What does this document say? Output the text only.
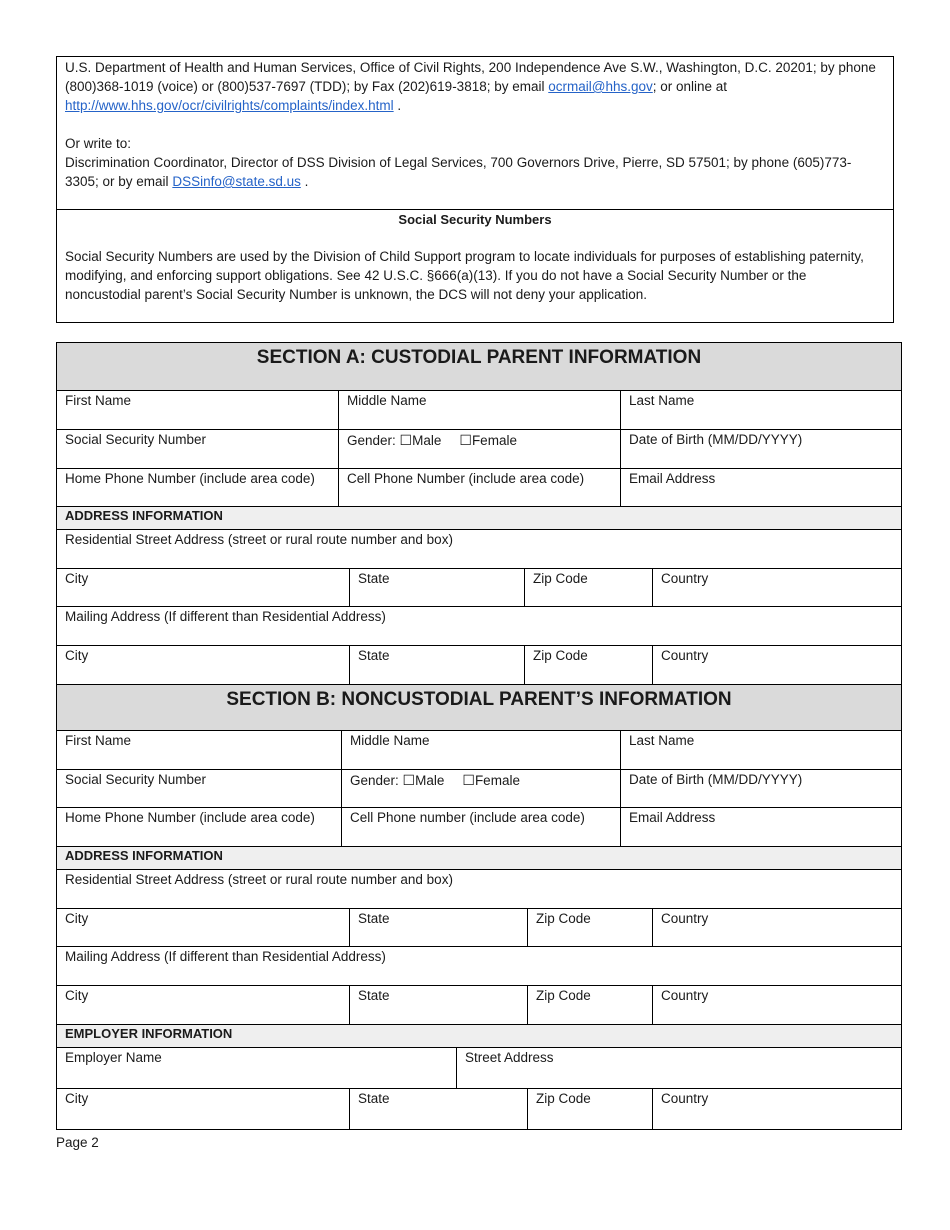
U.S. Department of Health and Human Services, Office of Civil Rights, 200 Independence Ave S.W., Washington, D.C. 20201; by phone (800)368-1019 (voice) or (800)537-7697 (TDD); by Fax (202)619-3818; by email ocrmail@hhs.gov; or online at http://www.hhs.gov/ocr/civilrights/complaints/index.html .
Or write to:
Discrimination Coordinator, Director of DSS Division of Legal Services, 700 Governors Drive, Pierre, SD 57501; by phone (605)773-3305; or by email DSSinfo@state.sd.us .
Social Security Numbers
Social Security Numbers are used by the Division of Child Support program to locate individuals for purposes of establishing paternity, modifying, and enforcing support obligations. See 42 U.S.C. §666(a)(13). If you do not have a Social Security Number or the noncustodial parent’s Social Security Number is unknown, the DCS will not deny your application.
SECTION A: CUSTODIAL PARENT INFORMATION
First Name	Middle Name	Last Name
Social Security Number	Gender: ☐Male ☐Female	Date of Birth (MM/DD/YYYY)
Home Phone Number (include area code)	Cell Phone Number (include area code)	Email Address
ADDRESS INFORMATION
Residential Street Address (street or rural route number and box)
City	State	Zip Code	Country
Mailing Address (If different than Residential Address)
City	State	Zip Code	Country
SECTION B: NONCUSTODIAL PARENT’S INFORMATION
First Name	Middle Name	Last Name
Social Security Number	Gender: ☐Male ☐Female	Date of Birth (MM/DD/YYYY)
Home Phone Number (include area code)	Cell Phone number (include area code)	Email Address
ADDRESS INFORMATION
Residential Street Address (street or rural route number and box)
City	State	Zip Code	Country
Mailing Address (If different than Residential Address)
City	State	Zip Code	Country
EMPLOYER INFORMATION
Employer Name	Street Address
City	State	Zip Code	Country
Page 2
